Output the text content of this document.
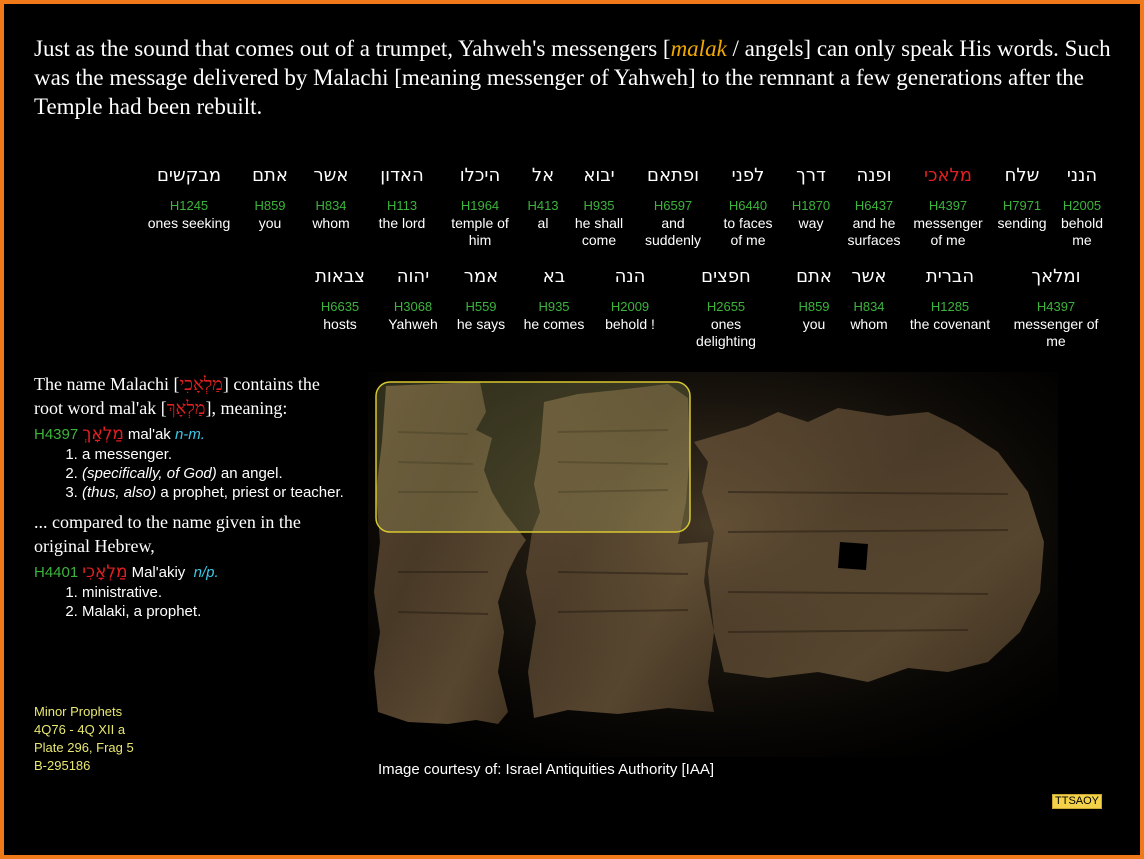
Just as the sound that comes out of a trumpet, Yahweh's messengers [malak / angels] can only speak His words. Such was the message delivered by Malachi [meaning messenger of Yahweh] to the remnant a few generations after the Temple had been rebuilt.

הנני
H2005
behold me
שלח
H7971
sending
מלאכי
H4397
messenger of me
ופנה
H6437
and he surfaces
דרך
H1870
way
לפני
H6440
to faces of me
ופתאם
H6597
and suddenly
יבוא
H935
he shall come
אל
H413
al
היכלו
H1964
temple of him
האדון
H113
the lord
אשר
H834
whom
אתם
H859
you
מבקשים
H1245
ones seeking
ומלאך
H4397
messenger of me
הברית
H1285
the covenant
אשר
H834
whom
אתם
H859
you
חפצים
H2655
ones delighting
הנה
H2009
behold !
בא
H935
he comes
אמר
H559
he says
יהוה
H3068
Yahweh
צבאות
H6635
hosts
The name Malachi [מַלְאָכִי] contains the root word mal'ak [מַלְאָךְ], meaning:
H4397 מַלְאָךְ mal'ak n-m.
1. a messenger.
2. (specifically, of God) an angel.
3. (thus, also) a prophet, priest or teacher.
... compared to the name given in the original Hebrew,
H4401 מַלְאָכִי Mal'akiy n/p.
1. ministrative.
2. Malaki, a prophet.
Minor Prophets
4Q76 - 4Q XII a
Plate 296, Frag 5
B-295186	Image courtesy of: Israel Antiquities Authority [IAA]
TTSAOY
